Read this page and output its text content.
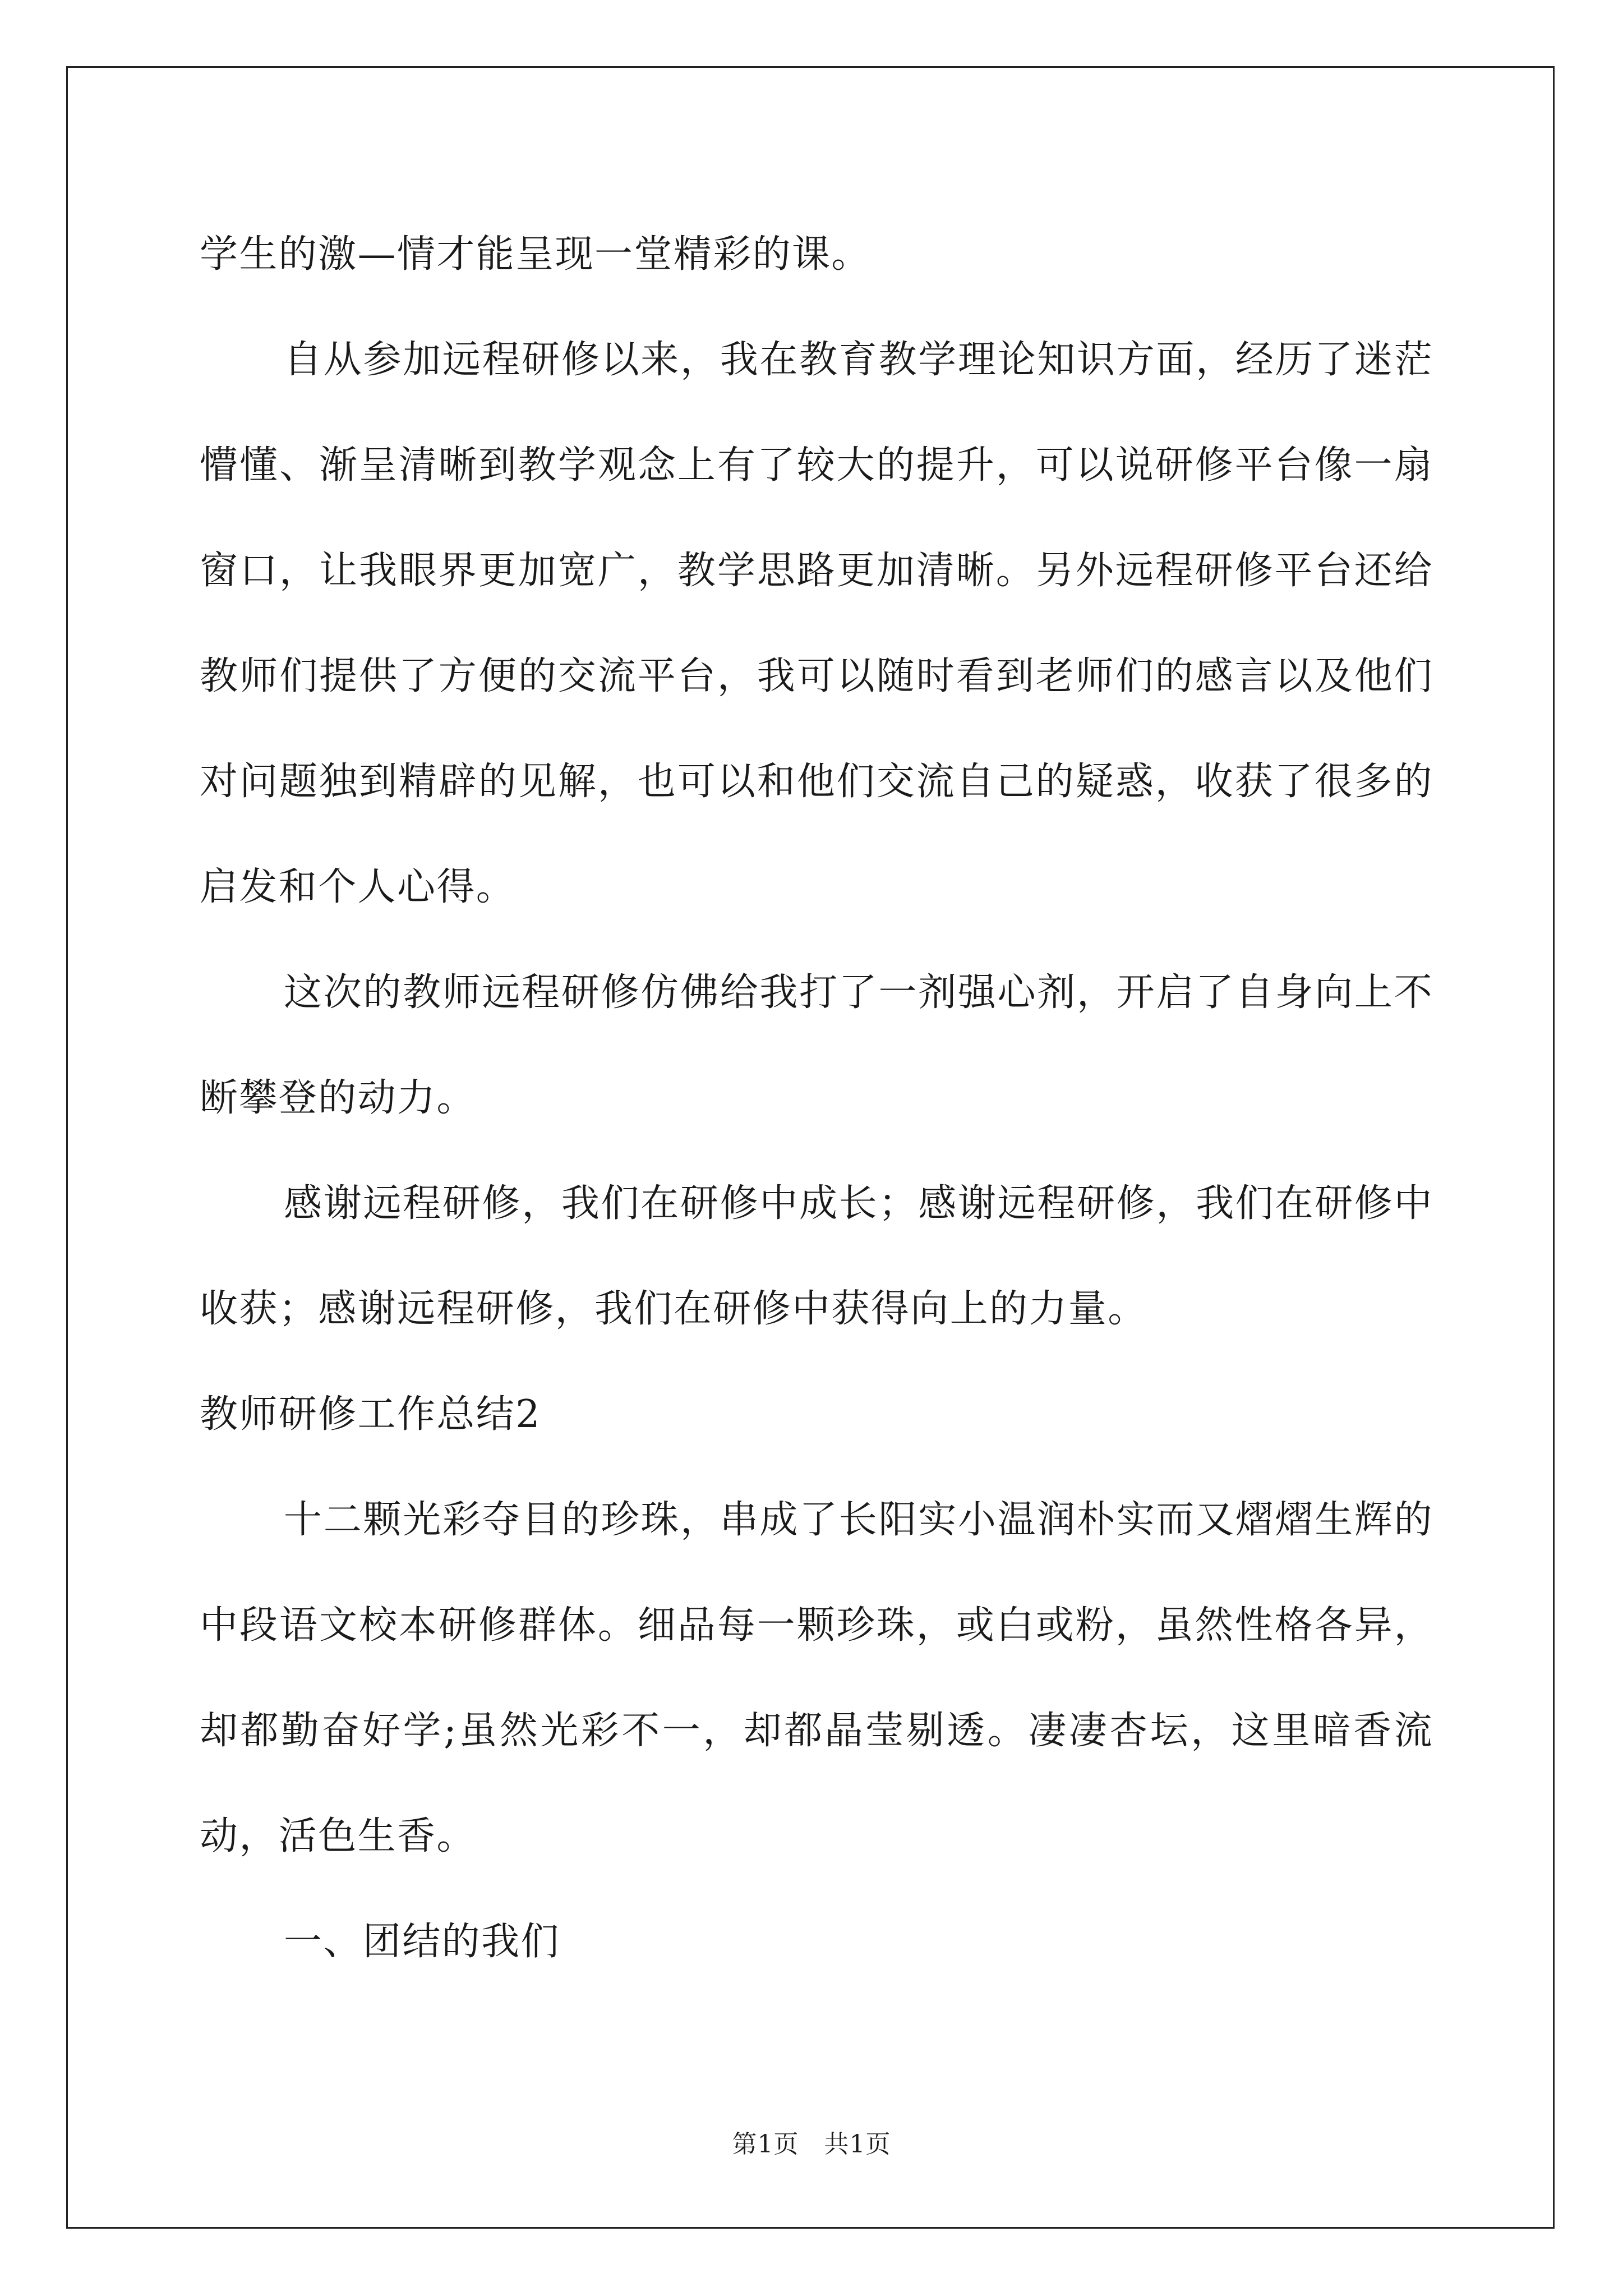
学生的激—情才能呈现一堂精彩的课。

自从参加远程研修以来，我在教育教学理论知识方面，经历了迷茫懵懂、渐呈清晰到教学观念上有了较大的提升，可以说研修平台像一扇窗口，让我眼界更加宽广，教学思路更加清晰。另外远程研修平台还给教师们提供了方便的交流平台，我可以随时看到老师们的感言以及他们对问题独到精辟的见解，也可以和他们交流自己的疑惑，收获了很多的启发和个人心得。

这次的教师远程研修仿佛给我打了一剂强心剂，开启了自身向上不断攀登的动力。

感谢远程研修，我们在研修中成长；感谢远程研修，我们在研修中收获；感谢远程研修，我们在研修中获得向上的力量。

教师研修工作总结2

十二颗光彩夺目的珍珠，串成了长阳实小温润朴实而又熠熠生辉的中段语文校本研修群体。细品每一颗珍珠，或白或粉，虽然性格各异，却都勤奋好学;虽然光彩不一，却都晶莹剔透。凄凄杏坛，这里暗香流动，活色生香。

一、团结的我们

第1页　共1页
